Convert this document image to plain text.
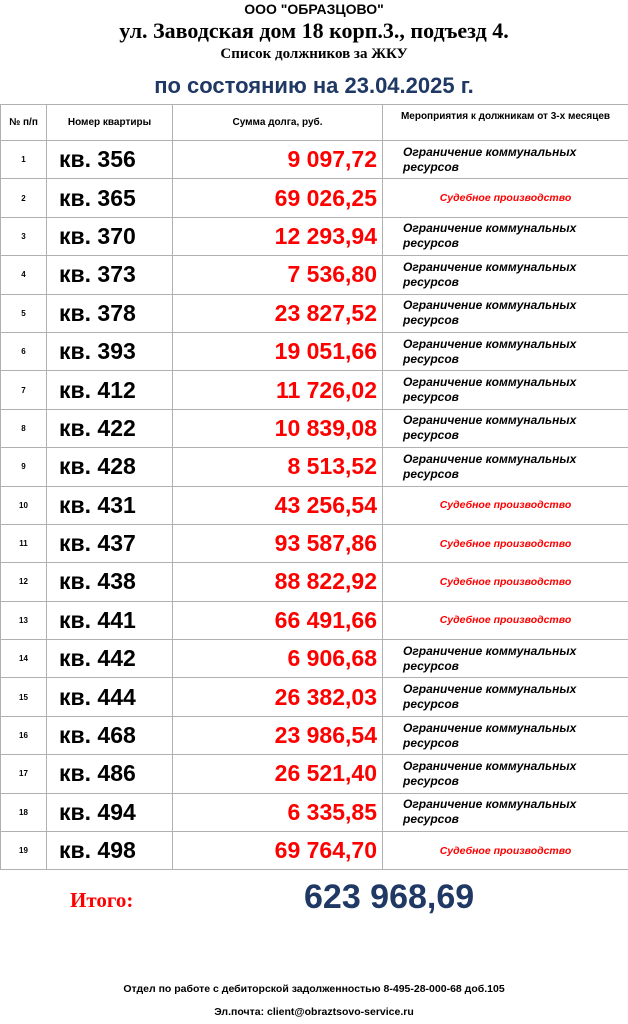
ООО "ОБРАЗЦОВО"
ул. Заводская дом 18 корп.3., подъезд 4.
Список должников за ЖКУ
по состоянию на 23.04.2025 г.
№ п/п	Номер квартиры	Сумма долга, руб.	Мероприятия к должникам от 3-х месяцев
1	кв. 356	9 097,72	Ограничение коммунальных ресурсов

2	кв. 365	69 026,25	Судебное производство

3	кв. 370	12 293,94	Ограничение коммунальных ресурсов

4	кв. 373	7 536,80	Ограничение коммунальных ресурсов

5	кв. 378	23 827,52	Ограничение коммунальных ресурсов

6	кв. 393	19 051,66	Ограничение коммунальных ресурсов

7	кв. 412	11 726,02	Ограничение коммунальных ресурсов

8	кв. 422	10 839,08	Ограничение коммунальных ресурсов

9	кв. 428	8 513,52	Ограничение коммунальных ресурсов

10	кв. 431	43 256,54	Судебное производство

11	кв. 437	93 587,86	Судебное производство

12	кв. 438	88 822,92	Судебное производство

13	кв. 441	66 491,66	Судебное производство

14	кв. 442	6 906,68	Ограничение коммунальных ресурсов

15	кв. 444	26 382,03	Ограничение коммунальных ресурсов

16	кв. 468	23 986,54	Ограничение коммунальных ресурсов

17	кв. 486	26 521,40	Ограничение коммунальных ресурсов

18	кв. 494	6 335,85	Ограничение коммунальных ресурсов

19	кв. 498	69 764,70	Судебное производство
Итого:	623 968,69
Отдел по работе с дебиторской задолженностью 8-495-28-000-68 доб.105
Эл.почта: client@obraztsovo-service.ru
